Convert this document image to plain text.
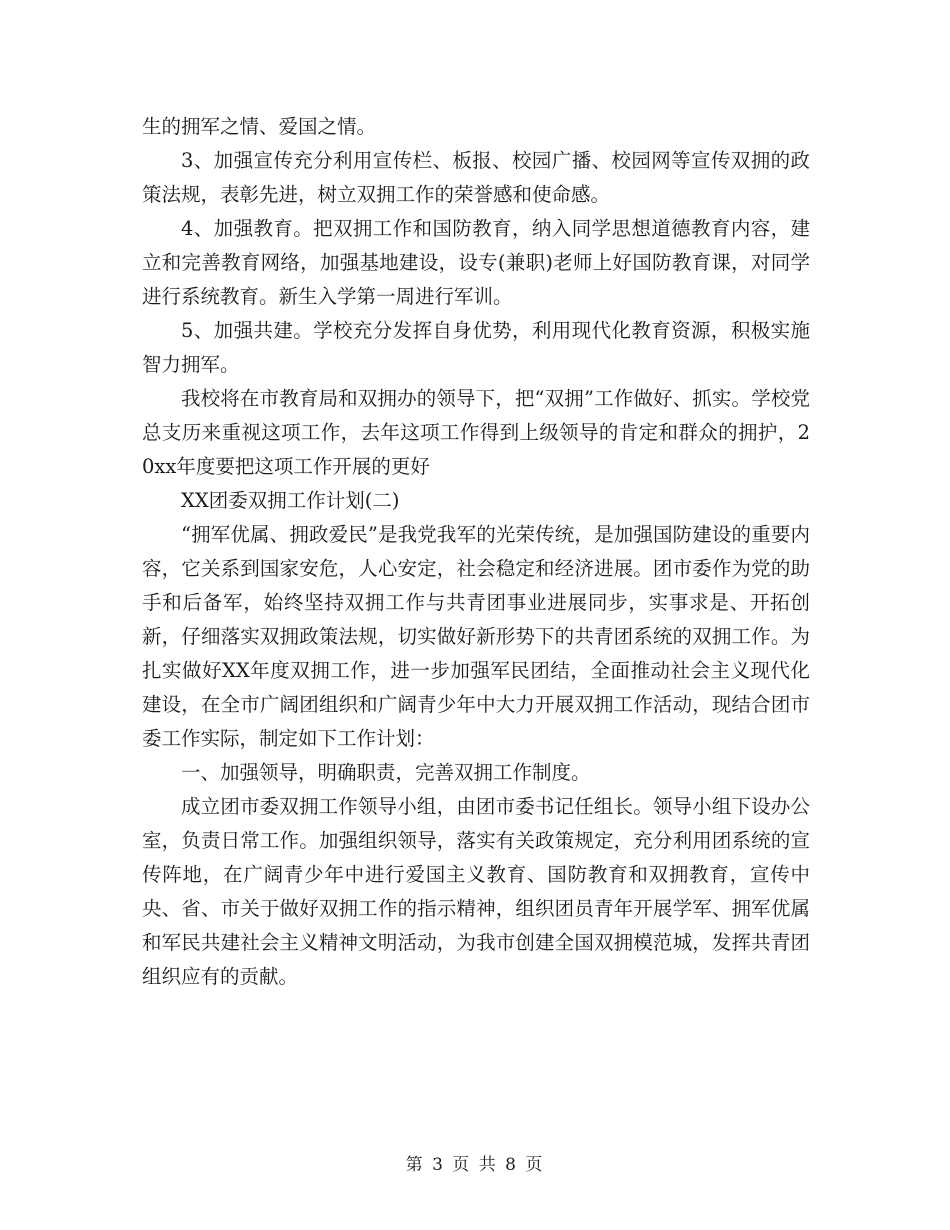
生的拥军之情、爱国之情。

3、加强宣传充分利用宣传栏、板报、校园广播、校园网等宣传双拥的政策法规，表彰先进，树立双拥工作的荣誉感和使命感。

4、加强教育。把双拥工作和国防教育，纳入同学思想道德教育内容，建立和完善教育网络，加强基地建设，设专(兼职)老师上好国防教育课，对同学进行系统教育。新生入学第一周进行军训。

5、加强共建。学校充分发挥自身优势，利用现代化教育资源，积极实施智力拥军。

我校将在市教育局和双拥办的领导下，把“双拥”工作做好、抓实。学校党总支历来重视这项工作，去年这项工作得到上级领导的肯定和群众的拥护，20xx年度要把这项工作开展的更好

XX团委双拥工作计划(二)

“拥军优属、拥政爱民”是我党我军的光荣传统，是加强国防建设的重要内容，它关系到国家安危，人心安定，社会稳定和经济进展。团市委作为党的助手和后备军，始终坚持双拥工作与共青团事业进展同步，实事求是、开拓创新，仔细落实双拥政策法规，切实做好新形势下的共青团系统的双拥工作。为扎实做好XX年度双拥工作，进一步加强军民团结，全面推动社会主义现代化建设，在全市广阔团组织和广阔青少年中大力开展双拥工作活动，现结合团市委工作实际，制定如下工作计划：

一、加强领导，明确职责，完善双拥工作制度。

成立团市委双拥工作领导小组，由团市委书记任组长。领导小组下设办公室，负责日常工作。加强组织领导，落实有关政策规定，充分利用团系统的宣传阵地，在广阔青少年中进行爱国主义教育、国防教育和双拥教育，宣传中央、省、市关于做好双拥工作的指示精神，组织团员青年开展学军、拥军优属和军民共建社会主义精神文明活动，为我市创建全国双拥模范城，发挥共青团组织应有的贡献。

第 3 页 共 8 页
